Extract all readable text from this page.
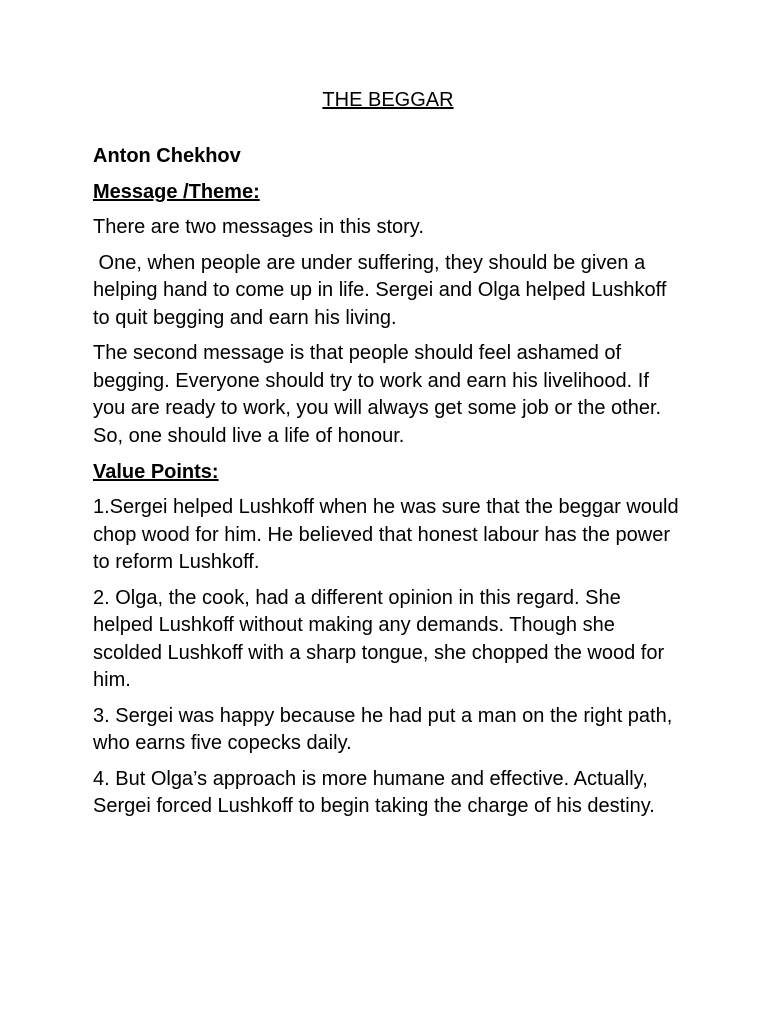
THE BEGGAR
Anton Chekhov
Message /Theme:
There are two messages in this story.
One, when people are under suffering, they should be given a helping hand to come up in life. Sergei and Olga helped Lushkoff to quit begging and earn his living.
The second message is that people should feel ashamed of begging. Everyone should try to work and earn his livelihood. If you are ready to work, you will always get some job or the other. So, one should live a life of honour.
Value Points:
1.Sergei helped Lushkoff when he was sure that the beggar would chop wood for him. He believed that honest labour has the power to reform Lushkoff.
2. Olga, the cook, had a different opinion in this regard. She helped Lushkoff without making any demands. Though she scolded Lushkoff with a sharp tongue, she chopped the wood for him.
3. Sergei was happy because he had put a man on the right path, who earns five copecks daily.
4. But Olga’s approach is more humane and effective. Actually, Sergei forced Lushkoff to begin taking the charge of his destiny.
